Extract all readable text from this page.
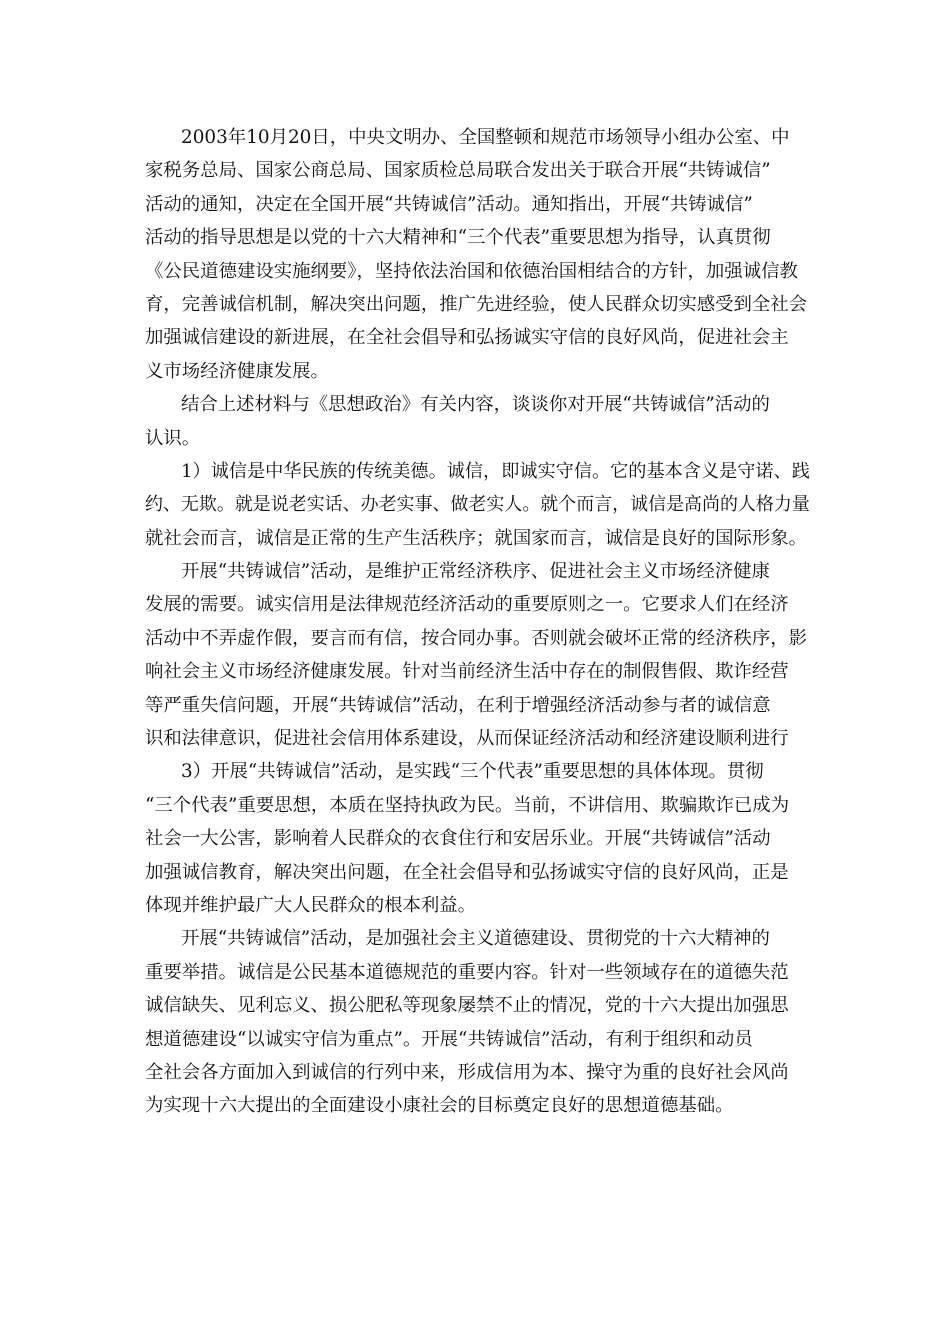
2003年10月20日，中央文明办、全国整顿和规范市场领导小组办公室、中
家税务总局、国家公商总局、国家质检总局联合发出关于联合开展“共铸诚信”
活动的通知，决定在全国开展“共铸诚信”活动。通知指出，开展“共铸诚信”
活动的指导思想是以党的十六大精神和“三个代表”重要思想为指导，认真贯彻
《公民道德建设实施纲要》，坚持依法治国和依德治国相结合的方针，加强诚信教
育，完善诚信机制，解决突出问题，推广先进经验，使人民群众切实感受到全社会
加强诚信建设的新进展，在全社会倡导和弘扬诚实守信的良好风尚，促进社会主
义市场经济健康发展。
结合上述材料与《思想政治》有关内容，谈谈你对开展“共铸诚信”活动的
认识。
1）诚信是中华民族的传统美德。诚信，即诚实守信。它的基本含义是守诺、践
约、无欺。就是说老实话、办老实事、做老实人。就个而言，诚信是高尚的人格力量
就社会而言，诚信是正常的生产生活秩序；就国家而言，诚信是良好的国际形象。
开展“共铸诚信”活动，是维护正常经济秩序、促进社会主义市场经济健康
发展的需要。诚实信用是法律规范经济活动的重要原则之一。它要求人们在经济
活动中不弄虚作假，要言而有信，按合同办事。否则就会破坏正常的经济秩序，影
响社会主义市场经济健康发展。针对当前经济生活中存在的制假售假、欺诈经营
等严重失信问题，开展“共铸诚信”活动，在利于增强经济活动参与者的诚信意
识和法律意识，促进社会信用体系建设，从而保证经济活动和经济建设顺利进行
3）开展“共铸诚信”活动，是实践“三个代表”重要思想的具体体现。贯彻
“三个代表”重要思想，本质在坚持执政为民。当前，不讲信用、欺骗欺诈已成为
社会一大公害，影响着人民群众的衣食住行和安居乐业。开展“共铸诚信”活动
加强诚信教育，解决突出问题，在全社会倡导和弘扬诚实守信的良好风尚，正是
体现并维护最广大人民群众的根本利益。
开展“共铸诚信”活动，是加强社会主义道德建设、贯彻党的十六大精神的
重要举措。诚信是公民基本道德规范的重要内容。针对一些领域存在的道德失范
诚信缺失、见利忘义、损公肥私等现象屡禁不止的情况，党的十六大提出加强思
想道德建设“以诚实守信为重点”。开展“共铸诚信”活动，有利于组织和动员
全社会各方面加入到诚信的行列中来，形成信用为本、操守为重的良好社会风尚
为实现十六大提出的全面建设小康社会的目标奠定良好的思想道德基础。
